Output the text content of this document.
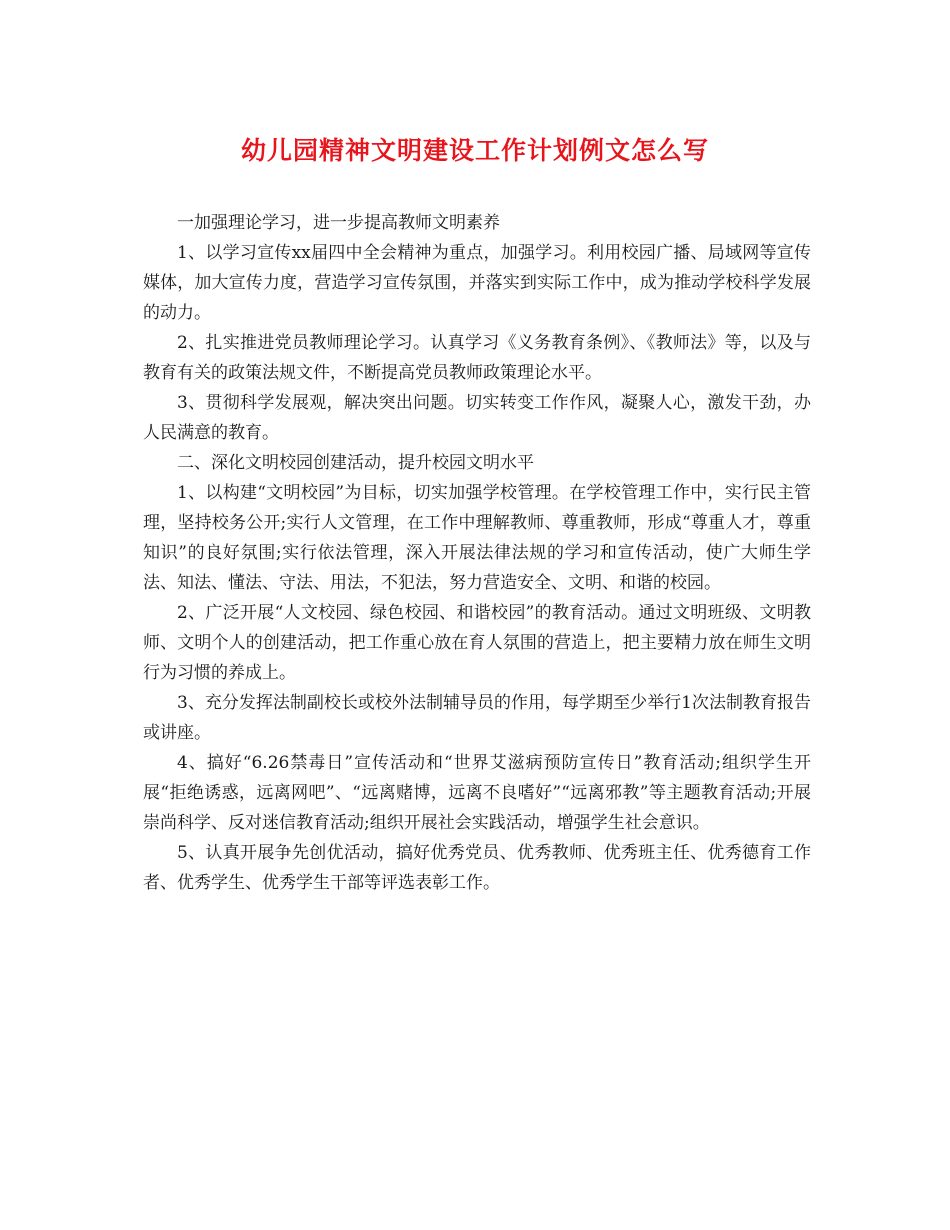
幼儿园精神文明建设工作计划例文怎么写

一加强理论学习，进一步提高教师文明素养

1、以学习宣传xx届四中全会精神为重点，加强学习。利用校园广播、局域网等宣传媒体，加大宣传力度，营造学习宣传氛围，并落实到实际工作中，成为推动学校科学发展的动力。

2、扎实推进党员教师理论学习。认真学习《义务教育条例》、《教师法》等，以及与教育有关的政策法规文件，不断提高党员教师政策理论水平。

3、贯彻科学发展观，解决突出问题。切实转变工作作风，凝聚人心，激发干劲，办人民满意的教育。

二、深化文明校园创建活动，提升校园文明水平

1、以构建“文明校园”为目标，切实加强学校管理。在学校管理工作中，实行民主管理，坚持校务公开;实行人文管理，在工作中理解教师、尊重教师，形成“尊重人才，尊重知识”的良好氛围;实行依法管理，深入开展法律法规的学习和宣传活动，使广大师生学法、知法、懂法、守法、用法，不犯法，努力营造安全、文明、和谐的校园。

2、广泛开展“人文校园、绿色校园、和谐校园”的教育活动。通过文明班级、文明教师、文明个人的创建活动，把工作重心放在育人氛围的营造上，把主要精力放在师生文明行为习惯的养成上。

3、充分发挥法制副校长或校外法制辅导员的作用，每学期至少举行1次法制教育报告或讲座。

4、搞好“6.26禁毒日”宣传活动和“世界艾滋病预防宣传日”教育活动;组织学生开展“拒绝诱惑，远离网吧”、“远离赌博，远离不良嗜好”“远离邪教”等主题教育活动;开展崇尚科学、反对迷信教育活动;组织开展社会实践活动，增强学生社会意识。

5、认真开展争先创优活动，搞好优秀党员、优秀教师、优秀班主任、优秀德育工作者、优秀学生、优秀学生干部等评选表彰工作。
